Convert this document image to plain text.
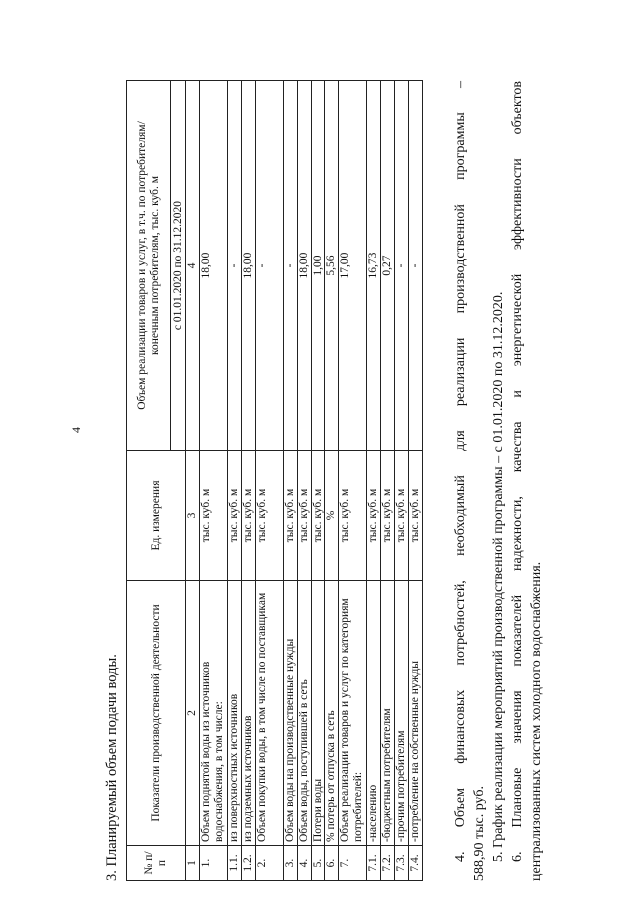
4
3. Планируемый объем подачи воды. № п/п	Показатели производственной деятельности	Ед. измерения	Объем реализации товаров и услуг, в т.ч. по потребителям/ конечным потребителям, тыс. куб. м

			с 01.01.2020 по 31.12.2020
1	2	3	4
1.	Объем поднятой воды из источников водоснабжения, в том числе:	тыс. куб. м	18,00
1.1.	из поверхностных источников	тыс. куб. м	-
1.2.	из подземных источников	тыс. куб. м	18,00
2.	Объем покупки воды, в том числе по поставщикам	тыс. куб. м	-
3.	Объем воды на производственные нужды	тыс. куб. м	-
4.	Объем воды, поступившей в сеть	тыс. куб. м	18,00
5.	Потери воды	тыс. куб. м	1,00
6.	% потерь от отпуска в сеть	%	5,56
7.	Объем реализации товаров и услуг по категориям потребителей:	тыс. куб. м	17,00
7.1.	-населению	тыс. куб. м	16,73
7.2.	-бюджетным потребителям	тыс. куб. м	0,27
7.3.	-прочим потребителям	тыс. куб. м	-
7.4.	-потребление на собственные нужды	тыс. куб. м	- 4. Объем финансовых потребностей, необходимый для реализации производственной программы – 588,90 тыс. руб. 5. График реализации мероприятий производственной программы – с 01.01.2020 по 31.12.2020. 6. Плановые значения показателей надежности, качества и энергетической эффективности объектов централизованных систем холодного водоснабжения.
